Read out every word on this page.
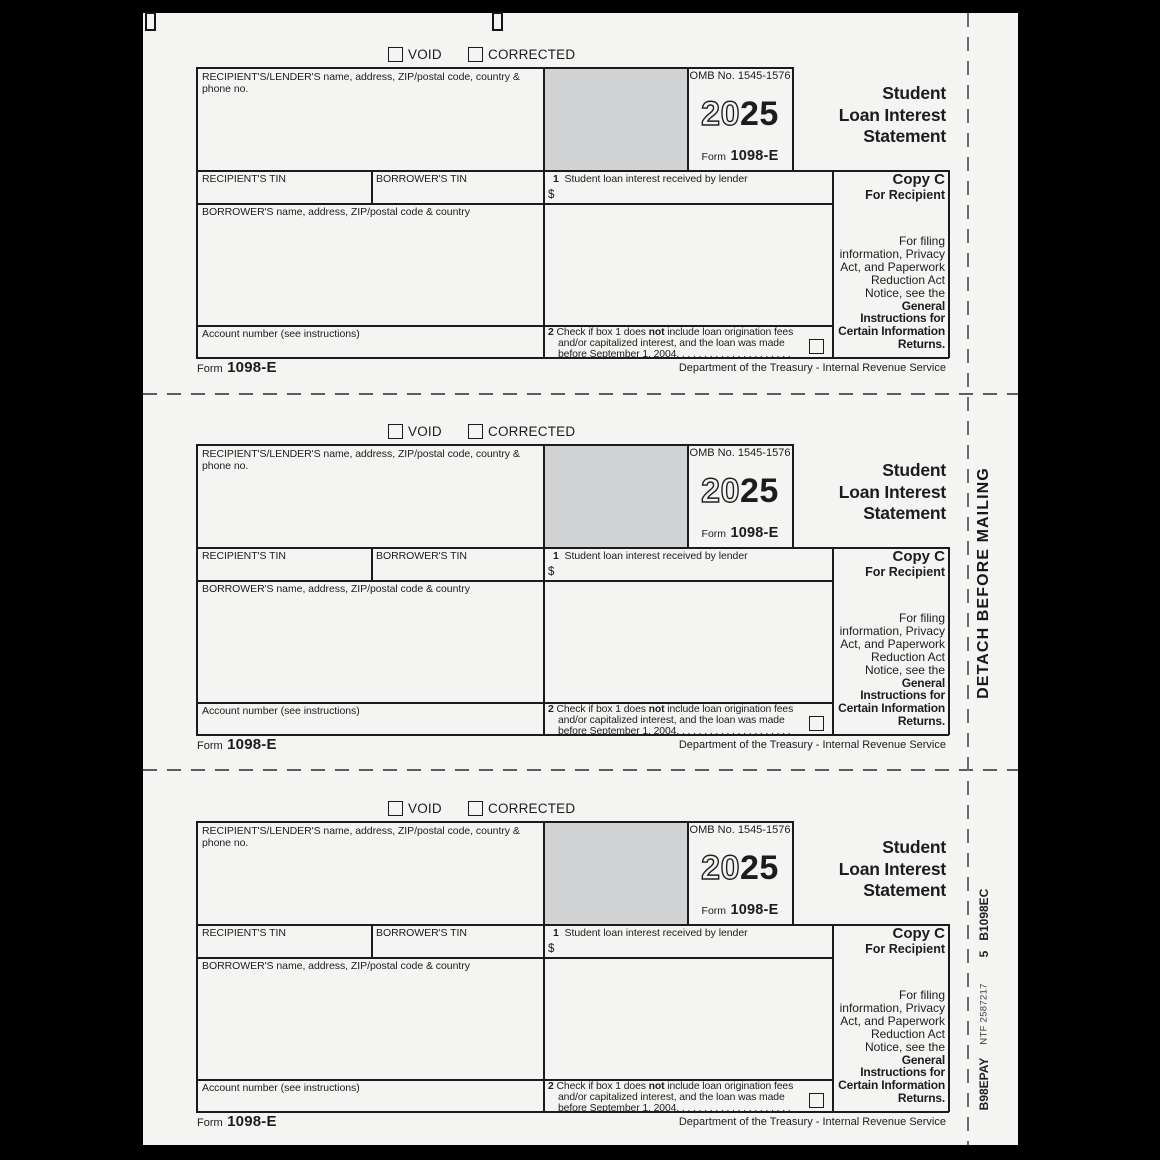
VOID	CORRECTED
RECIPIENT'S/LENDER'S name, address, ZIP/postal code, country & phone no.
OMB No. 1545-1576
2025
Form 1098-E
Student
Loan Interest
Statement
RECIPIENT'S TIN	BORROWER'S TIN	1 Student loan interest received by lender
$
BORROWER'S name, address, ZIP/postal code & country
Account number (see instructions)	2 Check if box 1 does not include loan origination fees
and/or capitalized interest, and the loan was made
before September 1, 2004. . . . . . . . . . . . . . . . . . . . .
Copy C
For Recipient
For filing information, Privacy Act, and Paperwork Reduction Act Notice, see the General Instructions for Certain Information Returns.
Form 1098-E	Department of the Treasury - Internal Revenue Service
VOID	CORRECTED
RECIPIENT'S/LENDER'S name, address, ZIP/postal code, country & phone no.
OMB No. 1545-1576
2025
Form 1098-E
Student
Loan Interest
Statement
RECIPIENT'S TIN	BORROWER'S TIN	1 Student loan interest received by lender
$
BORROWER'S name, address, ZIP/postal code & country
Account number (see instructions)	2 Check if box 1 does not include loan origination fees
and/or capitalized interest, and the loan was made
before September 1, 2004. . . . . . . . . . . . . . . . . . . . .
Copy C
For Recipient
For filing information, Privacy Act, and Paperwork Reduction Act Notice, see the General Instructions for Certain Information Returns.
Form 1098-E	Department of the Treasury - Internal Revenue Service
VOID	CORRECTED
RECIPIENT'S/LENDER'S name, address, ZIP/postal code, country & phone no.
OMB No. 1545-1576
2025
Form 1098-E
Student
Loan Interest
Statement
RECIPIENT'S TIN	BORROWER'S TIN	1 Student loan interest received by lender
$
BORROWER'S name, address, ZIP/postal code & country
Account number (see instructions)	2 Check if box 1 does not include loan origination fees
and/or capitalized interest, and the loan was made
before September 1, 2004. . . . . . . . . . . . . . . . . . . . .
Copy C
For Recipient
For filing information, Privacy Act, and Paperwork Reduction Act Notice, see the General Instructions for Certain Information Returns.
Form 1098-E	Department of the Treasury - Internal Revenue Service
DETACH BEFORE MAILING
5   B1098EC
NTF 2587217
B98EPAY
